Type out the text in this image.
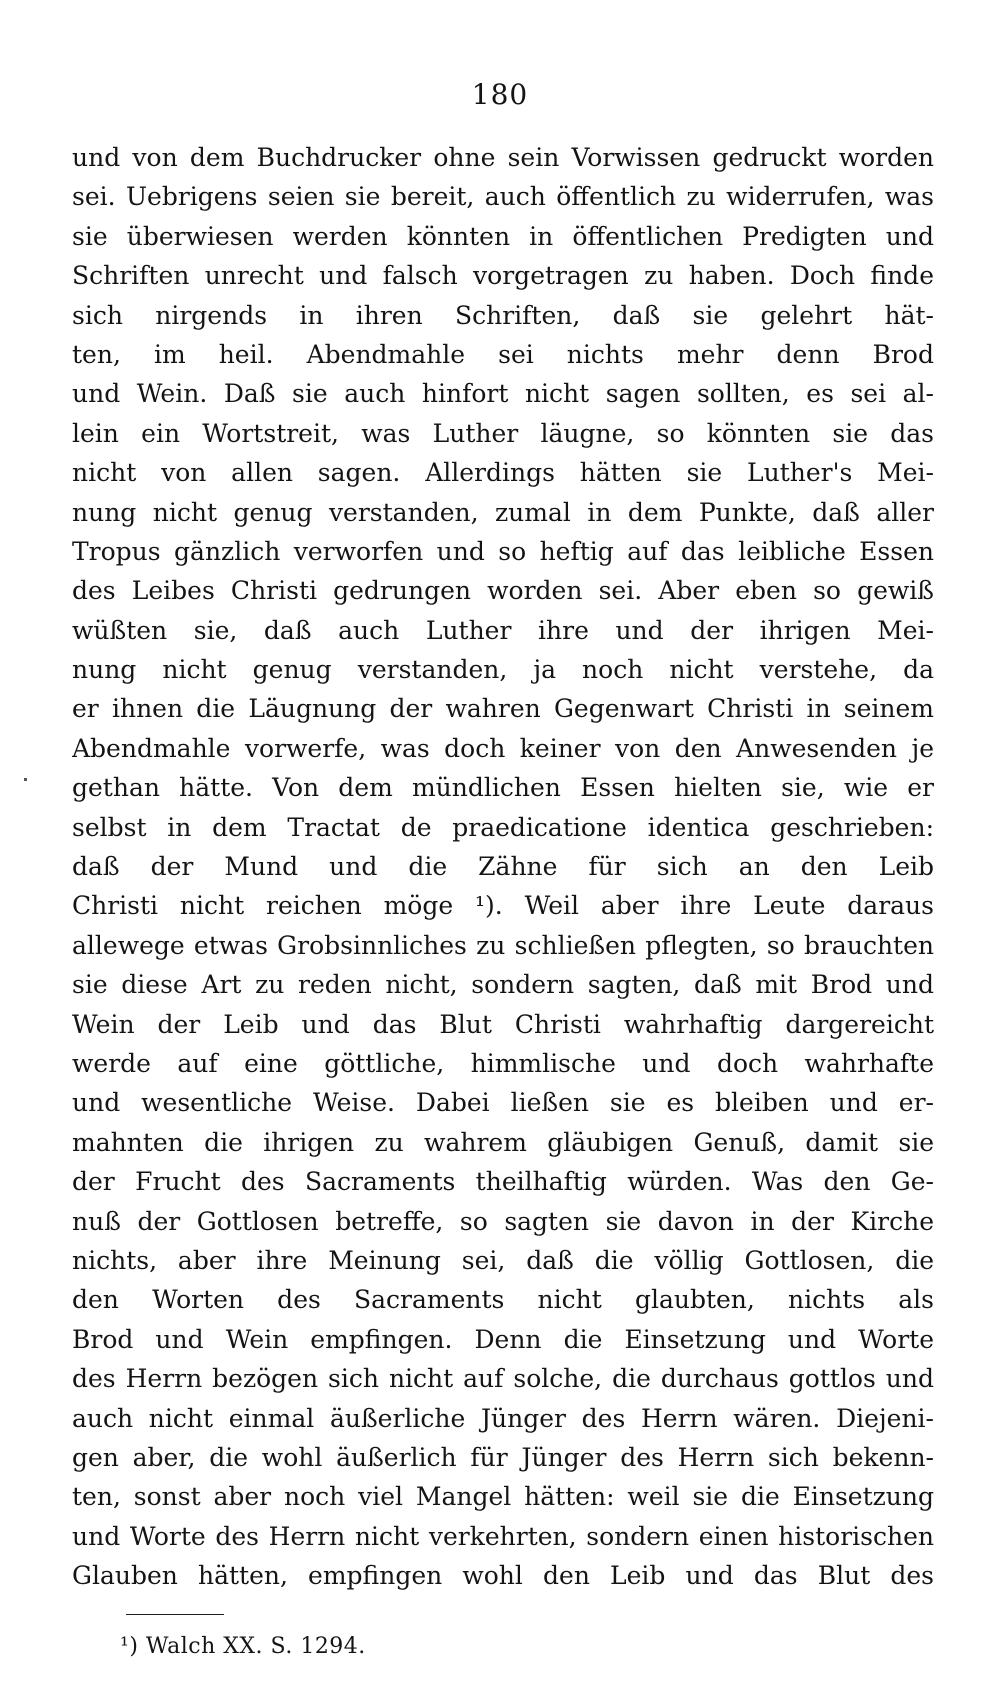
180
und von dem Buchdrucker ohne sein Vorwissen gedruckt worden
sei. Uebrigens seien sie bereit, auch öffentlich zu widerrufen, was
sie überwiesen werden könnten in öffentlichen Predigten und
Schriften unrecht und falsch vorgetragen zu haben. Doch finde
sich nirgends in ihren Schriften, daß sie gelehrt hät-
ten, im heil. Abendmahle sei nichts mehr denn Brod
und Wein. Daß sie auch hinfort nicht sagen sollten, es sei al-
lein ein Wortstreit, was Luther läugne, so könnten sie das
nicht von allen sagen. Allerdings hätten sie Luther's Mei-
nung nicht genug verstanden, zumal in dem Punkte, daß aller
Tropus gänzlich verworfen und so heftig auf das leibliche Essen
des Leibes Christi gedrungen worden sei. Aber eben so gewiß
wüßten sie, daß auch Luther ihre und der ihrigen Mei-
nung nicht genug verstanden, ja noch nicht verstehe, da
er ihnen die Läugnung der wahren Gegenwart Christi in seinem
Abendmahle vorwerfe, was doch keiner von den Anwesenden je
gethan hätte. Von dem mündlichen Essen hielten sie, wie er
selbst in dem Tractat de praedicatione identica geschrieben:
daß der Mund und die Zähne für sich an den Leib
Christi nicht reichen möge ¹). Weil aber ihre Leute daraus
allewege etwas Grobsinnliches zu schließen pflegten, so brauchten
sie diese Art zu reden nicht, sondern sagten, daß mit Brod und
Wein der Leib und das Blut Christi wahrhaftig dargereicht
werde auf eine göttliche, himmlische und doch wahrhafte
und wesentliche Weise. Dabei ließen sie es bleiben und er-
mahnten die ihrigen zu wahrem gläubigen Genuß, damit sie
der Frucht des Sacraments theilhaftig würden. Was den Ge-
nuß der Gottlosen betreffe, so sagten sie davon in der Kirche
nichts, aber ihre Meinung sei, daß die völlig Gottlosen, die
den Worten des Sacraments nicht glaubten, nichts als
Brod und Wein empfingen. Denn die Einsetzung und Worte
des Herrn bezögen sich nicht auf solche, die durchaus gottlos und
auch nicht einmal äußerliche Jünger des Herrn wären. Diejeni-
gen aber, die wohl äußerlich für Jünger des Herrn sich bekenn-
ten, sonst aber noch viel Mangel hätten: weil sie die Einsetzung
und Worte des Herrn nicht verkehrten, sondern einen historischen
Glauben hätten, empfingen wohl den Leib und das Blut des
¹) Walch XX. S. 1294.
